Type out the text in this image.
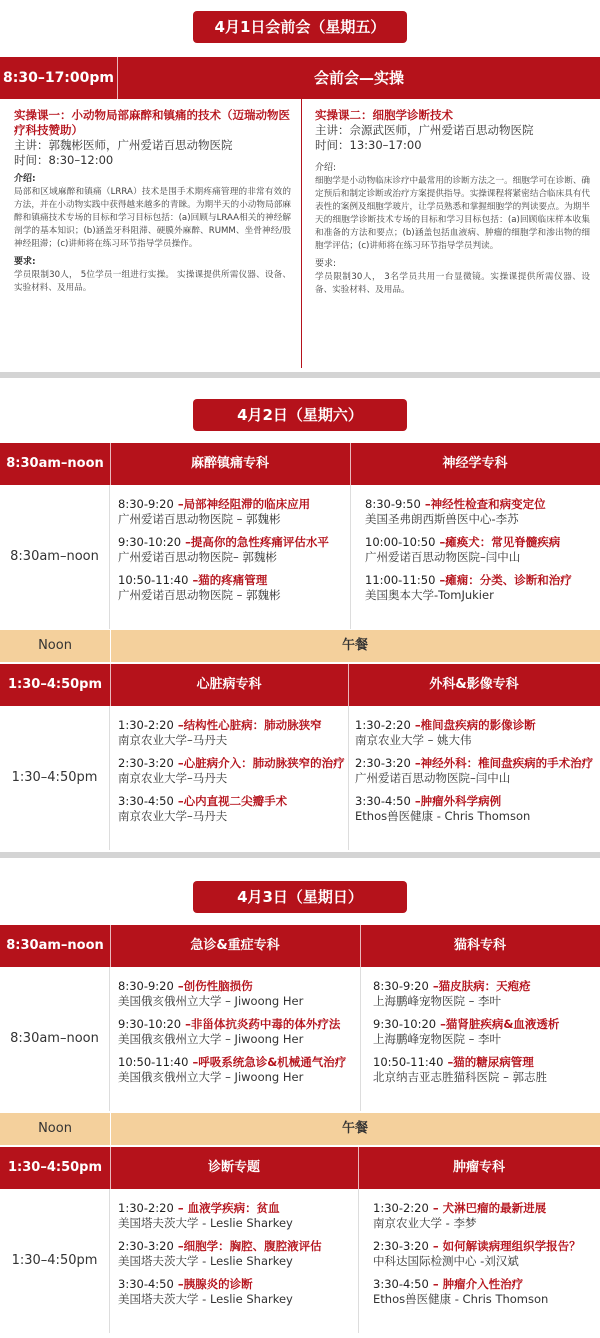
4月1日会前会（星期五）
8:30–17:00pm	会前会—实操
实操课一：小动物局部麻醉和镇痛的技术（迈瑞动物医疗科技赞助）
主讲：郭魏彬医师，广州爱诺百思动物医院
时间：8:30–12:00
介绍:
局部和区域麻醉和镇痛（LRRA）技术是围手术期疼痛管理的非常有效的方法，并在小动物实践中获得越来越多的青睐。为期半天的小动物局部麻醉和镇痛技术专场的目标和学习目标包括：(a)回顾与LRAA相关的神经解剖学的基本知识；(b)涵盖牙科阻滞、硬膜外麻醉、RUMM、坐骨神经/股神经阻滞；(c)讲师将在练习环节指导学员操作。
要求:
学员限制30人， 5位学员一组进行实操。 实操课提供所需仪器、设备、实验材料、及用品。
实操课二：细胞学诊断技术
主讲：佘源武医师，广州爱诺百思动物医院
时间：13:30–17:00
介绍:
细胞学是小动物临床诊疗中最常用的诊断方法之一。细胞学可在诊断、确定预后和制定诊断或治疗方案提供指导。实操课程将紧密结合临床具有代表性的案例及细胞学玻片，让学员熟悉和掌握细胞学的判读要点。为期半天的细胞学诊断技术专场的目标和学习目标包括：(a)回顾临床样本收集和准备的方法和要点；(b)涵盖包括血液病、肿瘤的细胞学和渗出物的细胞学评估；(c)讲师将在练习环节指导学员判读。
要求:
学员限制30人， 3名学员共用一台显微镜。实操课提供所需仪器、设备、实验材料、及用品。
4月2日（星期六）
8:30am–noon	麻醉镇痛专科	神经学专科
8:30am–noon
8:30-9:20 –局部神经阻滞的临床应用
广州爱诺百思动物医院 – 郭魏彬
9:30-10:20 –提高你的急性疼痛评估水平
广州爱诺百思动物医院– 郭魏彬
10:50-11:40 –猫的疼痛管理
广州爱诺百思动物医院 – 郭魏彬
8:30-9:50 –神经性检查和病变定位
美国圣弗朗西斯兽医中心-李苏
10:00-10:50 –瘫痪犬：常见脊髓疾病
广州爱诺百思动物医院–闫中山
11:00-11:50 –瘫痫：分类、诊断和治疗
美国奥本大学-TomJukier
Noon	午餐
1:30–4:50pm	心脏病专科	外科&影像专科
1:30–4:50pm
1:30-2:20 –结构性心脏病：肺动脉狭窄
南京农业大学–马丹夫
2:30-3:20 –心脏病介入：肺动脉狭窄的治疗
南京农业大学–马丹夫
3:30-4:50 –心内直视二尖瓣手术
南京农业大学–马丹夫
1:30-2:20 –椎间盘疾病的影像诊断
南京农业大学 – 姚大伟
2:30-3:20 –神经外科：椎间盘疾病的手术治疗
广州爱诺百思动物医院–闫中山
3:30-4:50 –肿瘤外科学病例
Ethos兽医健康 - Chris Thomson
4月3日（星期日）
8:30am–noon	急诊&重症专科	猫科专科
8:30am–noon
8:30-9:20 –创伤性脑损伤
美国俄亥俄州立大学 – Jiwoong Her
9:30-10:20 –非甾体抗炎药中毒的体外疗法
美国俄亥俄州立大学 – Jiwoong Her
10:50-11:40 –呼吸系统急诊&机械通气治疗
美国俄亥俄州立大学 – Jiwoong Her
8:30-9:20 –猫皮肤病：天疱疮
上海鹏峰宠物医院 – 李叶
9:30-10:20 –猫肾脏疾病&血液透析
上海鹏峰宠物医院 – 李叶
10:50-11:40 –猫的糖尿病管理
北京纳吉亚志胜猫科医院 – 郭志胜
Noon	午餐
1:30–4:50pm	诊断专题	肿瘤专科
1:30–4:50pm
1:30-2:20 – 血液学疾病：贫血
美国塔夫茨大学 - Leslie Sharkey
2:30-3:20 –细胞学：胸腔、腹腔液评估
美国塔夫茨大学 - Leslie Sharkey
3:30-4:50 –胰腺炎的诊断
美国塔夫茨大学 - Leslie Sharkey
1:30-2:20 – 犬淋巴瘤的最新进展
南京农业大学 - 李梦
2:30-3:20 – 如何解读病理组织学报告？
中科达国际检测中心 -刘汉斌
3:30-4:50 – 肿瘤介入性治疗
Ethos兽医健康 - Chris Thomson
